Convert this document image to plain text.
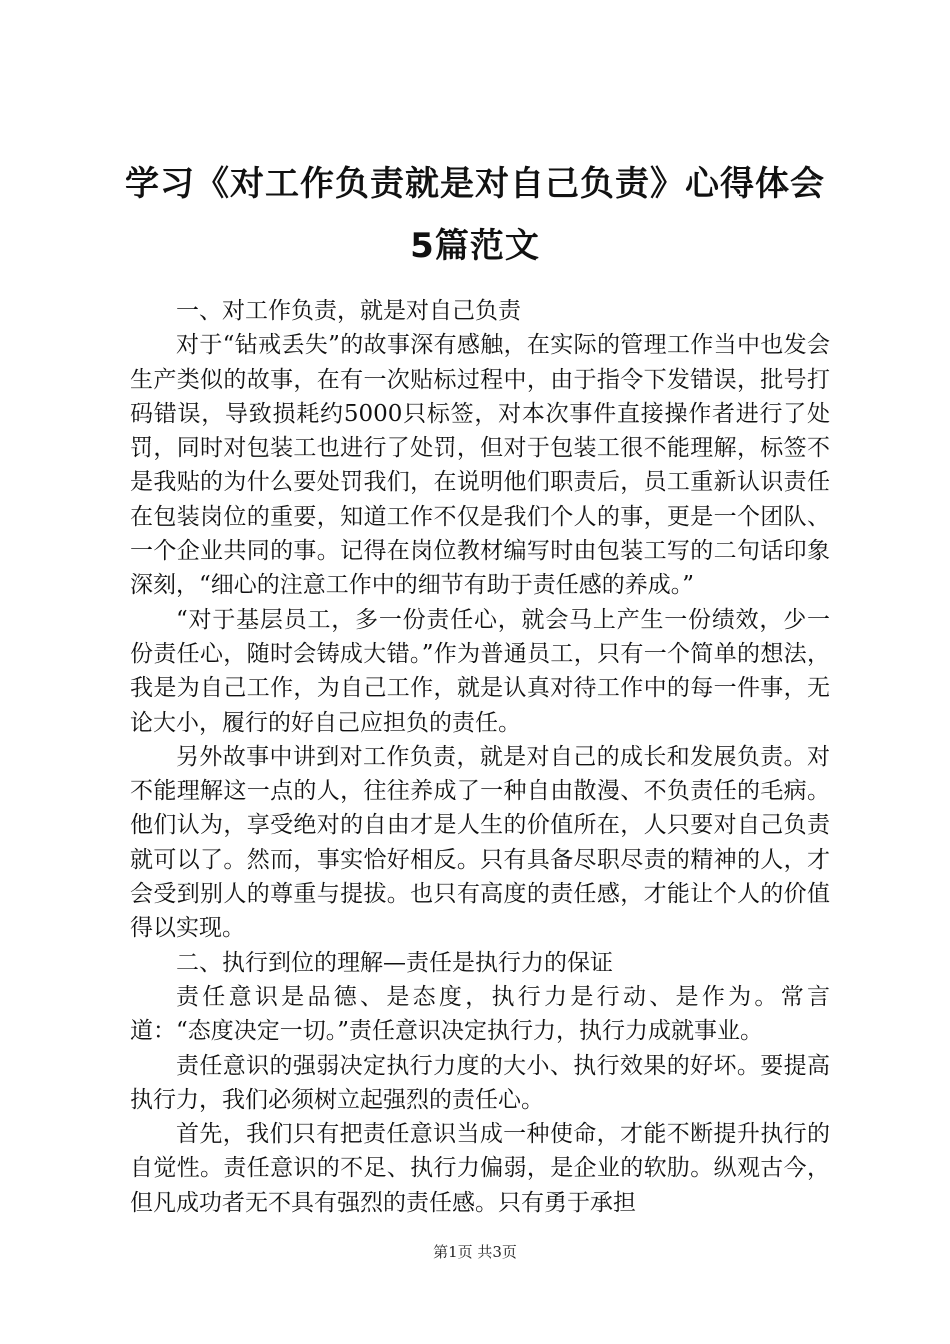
学习《对工作负责就是对自己负责》心得体会
5篇范文

一、对工作负责，就是对自己负责

对于“钻戒丢失”的故事深有感触，在实际的管理工作当中也发会生产类似的故事，在有一次贴标过程中，由于指令下发错误，批号打码错误，导致损耗约5000只标签，对本次事件直接操作者进行了处罚，同时对包装工也进行了处罚，但对于包装工很不能理解，标签不是我贴的为什么要处罚我们，在说明他们职责后，员工重新认识责任在包装岗位的重要，知道工作不仅是我们个人的事，更是一个团队、一个企业共同的事。记得在岗位教材编写时由包装工写的二句话印象深刻，“细心的注意工作中的细节有助于责任感的养成。”

“对于基层员工，多一份责任心，就会马上产生一份绩效，少一份责任心，随时会铸成大错。”作为普通员工，只有一个简单的想法，我是为自己工作，为自己工作，就是认真对待工作中的每一件事，无论大小，履行的好自己应担负的责任。

另外故事中讲到对工作负责，就是对自己的成长和发展负责。对不能理解这一点的人，往往养成了一种自由散漫、不负责任的毛病。他们认为，享受绝对的自由才是人生的价值所在，人只要对自己负责就可以了。然而，事实恰好相反。只有具备尽职尽责的精神的人，才会受到别人的尊重与提拔。也只有高度的责任感，才能让个人的价值得以实现。

二、执行到位的理解—责任是执行力的保证

责任意识是品德、是态度，执行力是行动、是作为。常言道：“态度决定一切。”责任意识决定执行力，执行力成就事业。

责任意识的强弱决定执行力度的大小、执行效果的好坏。要提高执行力，我们必须树立起强烈的责任心。

首先，我们只有把责任意识当成一种使命，才能不断提升执行的自觉性。责任意识的不足、执行力偏弱，是企业的软肋。纵观古今，但凡成功者无不具有强烈的责任感。只有勇于承担

第1页 共3页
